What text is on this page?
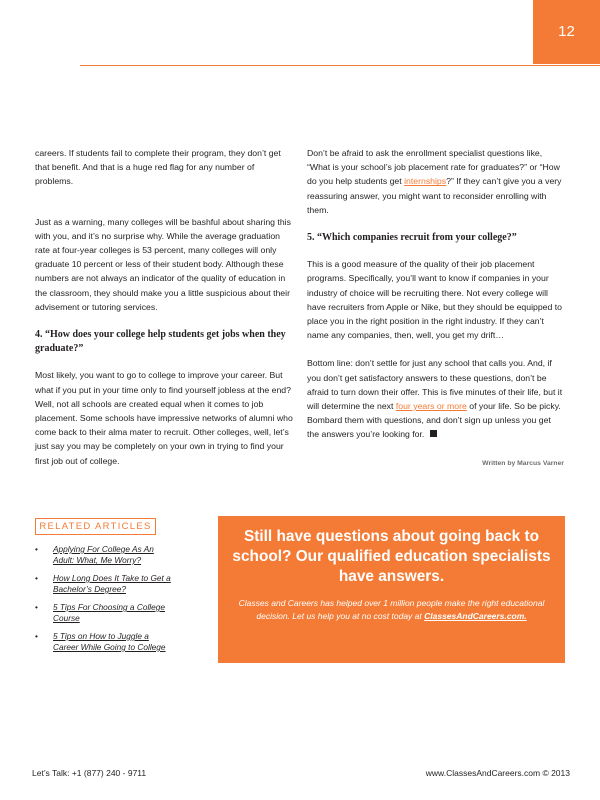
12

careers. If students fail to complete their program, they don’t get that benefit. And that is a huge red flag for any number of problems.

Just as a warning, many colleges will be bashful about sharing this with you, and it’s no surprise why. While the average graduation rate at four-year colleges is 53 percent, many colleges will only graduate 10 percent or less of their student body. Although these numbers are not always an indicator of the quality of education in the classroom, they should make you a little suspicious about their advisement or tutoring services.

4. “How does your college help students get jobs when they graduate?”

Most likely, you want to go to college to improve your career. But what if you put in your time only to find yourself jobless at the end? Well, not all schools are created equal when it comes to job placement. Some schools have impressive networks of alumni who come back to their alma mater to recruit. Other colleges, well, let’s just say you may be completely on your own in trying to find your first job out of college.

Don’t be afraid to ask the enrollment specialist questions like, “What is your school’s job placement rate for graduates?” or “How do you help students get internships?” If they can’t give you a very reassuring answer, you might want to reconsider enrolling with them.

5. “Which companies recruit from your college?”

This is a good measure of the quality of their job placement programs. Specifically, you’ll want to know if companies in your industry of choice will be recruiting there. Not every college will have recruiters from Apple or Nike, but they should be equipped to place you in the right position in the right industry. If they can’t name any companies, then, well, you get my drift…

Bottom line: don’t settle for just any school that calls you. And, if you don’t get satisfactory answers to these questions, don’t be afraid to turn down their offer. This is five minutes of their life, but it will determine the next four years or more of your life. So be picky. Bombard them with questions, and don’t sign up unless you get the answers you’re looking for.

Written by Marcus Varner
RELATED ARTICLES
• Applying For College As An Adult: What, Me Worry?
• How Long Does It Take to Get a Bachelor’s Degree?
• 5 Tips For Choosing a College Course
• 5 Tips on How to Juggle a Career While Going to College
Still have questions about going back to school? Our qualified education specialists have answers.
Classes and Careers has helped over 1 million people make the right educational decision. Let us help you at no cost today at ClassesAndCareers.com.
Let’s Talk: +1 (877) 240 - 9711	www.ClassesAndCareers.com © 2013
